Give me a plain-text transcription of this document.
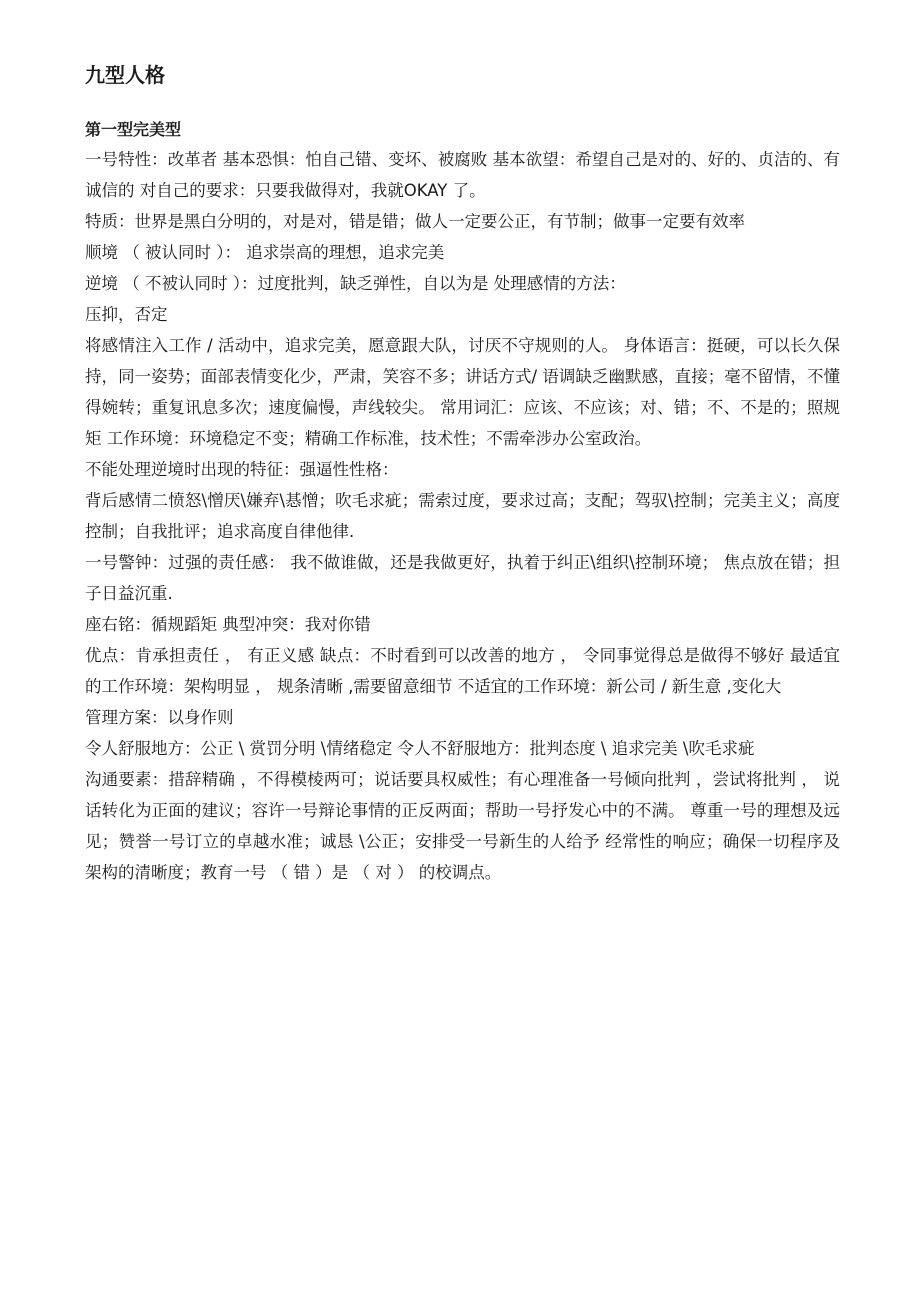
九型人格
第一型完美型

一号特性：改革者 基本恐惧：怕自己错、变坏、被腐败 基本欲望：希望自己是对的、好的、贞洁的、有诚信的 对自己的要求：只要我做得对，我就OKAY 了。

特质：世界是黑白分明的，对是对，错是错；做人一定要公正，有节制；做事一定要有效率

顺境 （ 被认同时 ）： 追求崇高的理想，追求完美

逆境 （ 不被认同时 ）：过度批判，缺乏弹性，自以为是 处理感情的方法：

压抑，否定

将感情注入工作 / 活动中，追求完美，愿意跟大队，讨厌不守规则的人。 身体语言：挺硬，可以长久保持，同一姿势；面部表情变化少，严肃，笑容不多；讲话方式/ 语调缺乏幽默感，直接；毫不留情，不懂得婉转；重复讯息多次；速度偏慢，声线较尖。 常用词汇：应该、不应该；对、错；不、不是的；照规矩 工作环境：环境稳定不变；精确工作标准，技术性；不需牵涉办公室政治。

不能处理逆境时出现的特征：强逼性性格：

背后感情二愤怒\憎厌\嫌弃\惎憎；吹毛求疵；需索过度，要求过高；支配；驾驭\控制；完美主义；高度控制；自我批评；追求高度自律他律.

一号警钟：过强的责任感： 我不做谁做，还是我做更好，执着于纠正\组织\控制环境； 焦点放在错；担子日益沉重.

座右铭：循规蹈矩 典型冲突：我对你错

优点：肯承担责任 ， 有正义感 缺点：不时看到可以改善的地方 ， 令同事觉得总是做得不够好 最适宜的工作环境：架构明显 ， 规条清晰 ,需要留意细节 不适宜的工作环境：新公司 / 新生意 ,变化大

管理方案：以身作则

令人舒服地方：公正 \ 赏罚分明 \情绪稳定 令人不舒服地方：批判态度 \ 追求完美 \吹毛求疵

沟通要素：措辞精确 ，不得模棱两可；说话要具权威性；有心理准备一号倾向批判 ，尝试将批判 ， 说话转化为正面的建议；容许一号辩论事情的正反两面；帮助一号抒发心中的不满。 尊重一号的理想及远见；赞誉一号订立的卓越水准；诚恳 \公正；安排受一号新生的人给予 经常性的响应；确保一切程序及架构的清晰度；教育一号 （ 错 ）是 （ 对 ） 的校调点。
